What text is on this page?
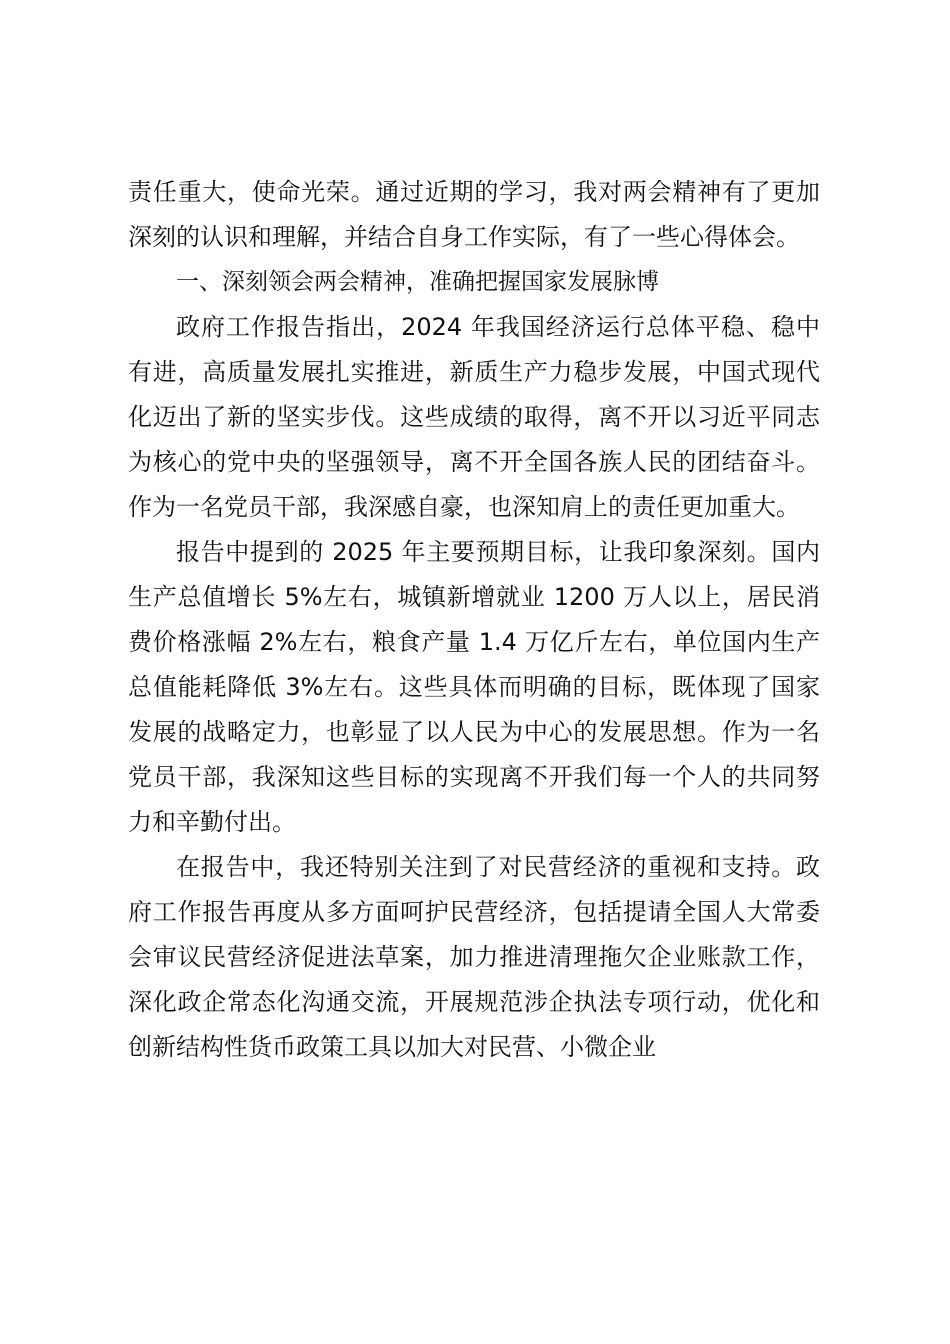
责任重大，使命光荣。通过近期的学习，我对两会精神有了更加深刻的认识和理解，并结合自身工作实际，有了一些心得体会。

一、深刻领会两会精神，准确把握国家发展脉博

政府工作报告指出，2024 年我国经济运行总体平稳、稳中有进，高质量发展扎实推进，新质生产力稳步发展，中国式现代化迈出了新的坚实步伐。这些成绩的取得，离不开以习近平同志为核心的党中央的坚强领导，离不开全国各族人民的团结奋斗。作为一名党员干部，我深感自豪，也深知肩上的责任更加重大。

报告中提到的 2025 年主要预期目标，让我印象深刻。国内生产总值增长 5%左右，城镇新增就业 1200 万人以上，居民消费价格涨幅 2%左右，粮食产量 1.4 万亿斤左右，单位国内生产总值能耗降低 3%左右。这些具体而明确的目标，既体现了国家发展的战略定力，也彰显了以人民为中心的发展思想。作为一名党员干部，我深知这些目标的实现离不开我们每一个人的共同努力和辛勤付出。

在报告中，我还特别关注到了对民营经济的重视和支持。政府工作报告再度从多方面呵护民营经济，包括提请全国人大常委会审议民营经济促进法草案，加力推进清理拖欠企业账款工作，深化政企常态化沟通交流，开展规范涉企执法专项行动，优化和创新结构性货币政策工具以加大对民营、小微企业
